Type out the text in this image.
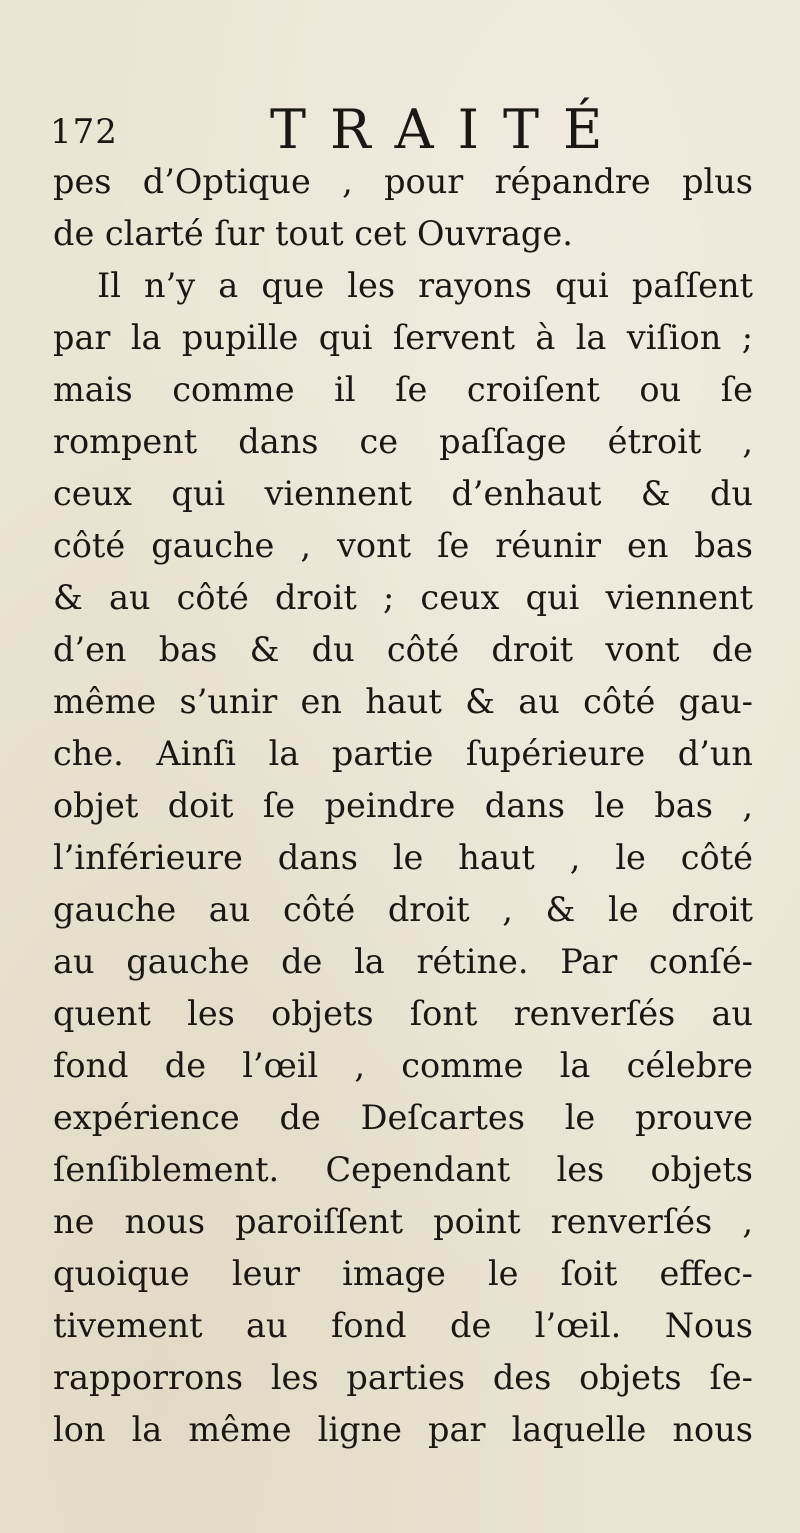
172	TRAITÉ
pes d’Optique , pour répandre plus
de clarté ſur tout cet Ouvrage.
Il n’y a que les rayons qui paſſent
par la pupille qui ſervent à la viſion ;
mais comme il ſe croiſent ou ſe
rompent dans ce paſſage étroit ,
ceux qui viennent d’enhaut & du
côté gauche , vont ſe réunir en bas
& au côté droit ; ceux qui viennent
d’en bas & du côté droit vont de
même s’unir en haut & au côté gau-
che. Ainſi la partie ſupérieure d’un
objet doit ſe peindre dans le bas ,
l’inférieure dans le haut , le côté
gauche au côté droit , & le droit
au gauche de la rétine. Par conſé-
quent les objets ſont renverſés au
fond de l’œil , comme la célebre
expérience de Deſcartes le prouve
ſenſiblement. Cependant les objets
ne nous paroiſſent point renverſés ,
quoique leur image le ſoit effec-
tivement au fond de l’œil. Nous
rapporrons les parties des objets ſe-
lon la même ligne par laquelle nous
